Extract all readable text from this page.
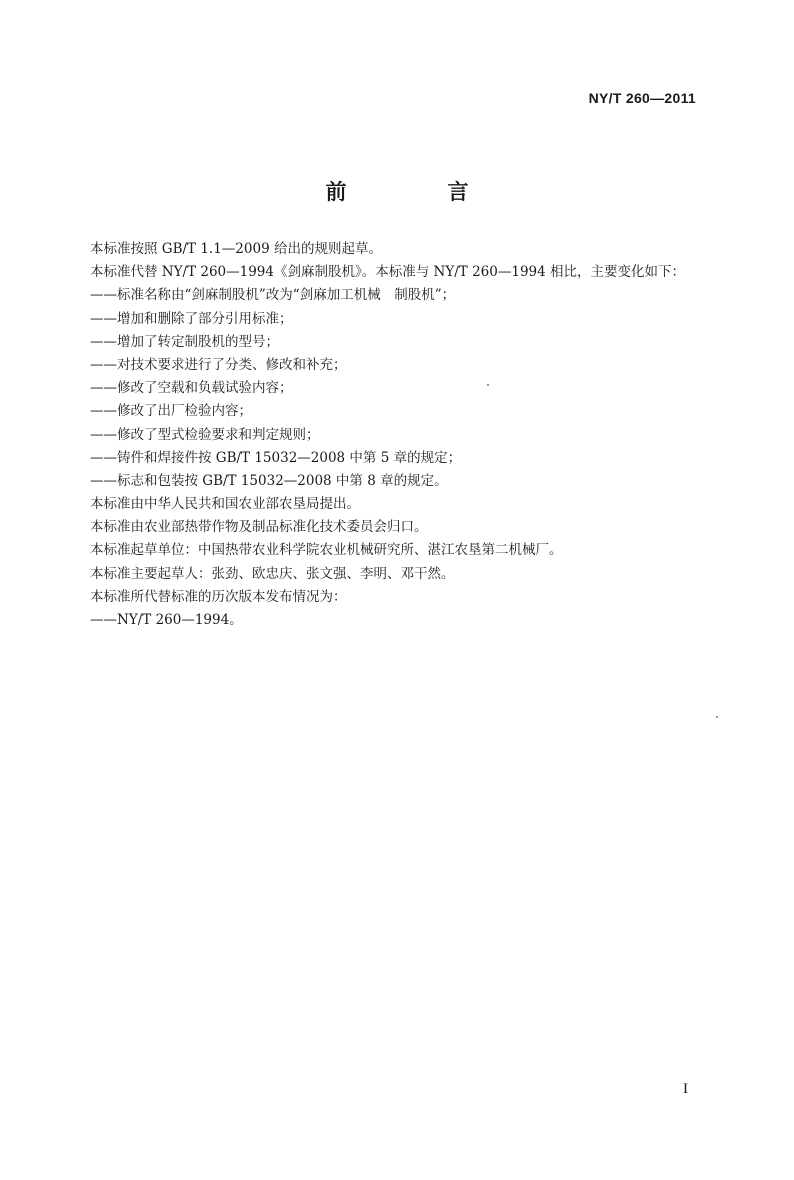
NY/T 260—2011
前　言
本标准按照 GB/T 1.1—2009 给出的规则起草。
本标准代替 NY/T 260—1994《剑麻制股机》。本标准与 NY/T 260—1994 相比，主要变化如下：
——标准名称由“剑麻制股机”改为“剑麻加工机械　制股机”；
——增加和删除了部分引用标准；
——增加了转定制股机的型号；
——对技术要求进行了分类、修改和补充；
——修改了空载和负载试验内容；
——修改了出厂检验内容；
——修改了型式检验要求和判定规则；
——铸件和焊接件按 GB/T 15032—2008 中第 5 章的规定；
——标志和包装按 GB/T 15032—2008 中第 8 章的规定。
本标准由中华人民共和国农业部农垦局提出。
本标准由农业部热带作物及制品标准化技术委员会归口。
本标准起草单位：中国热带农业科学院农业机械研究所、湛江农垦第二机械厂。
本标准主要起草人：张劲、欧忠庆、张文强、李明、邓干然。
本标准所代替标准的历次版本发布情况为：
——NY/T 260—1994。
I
